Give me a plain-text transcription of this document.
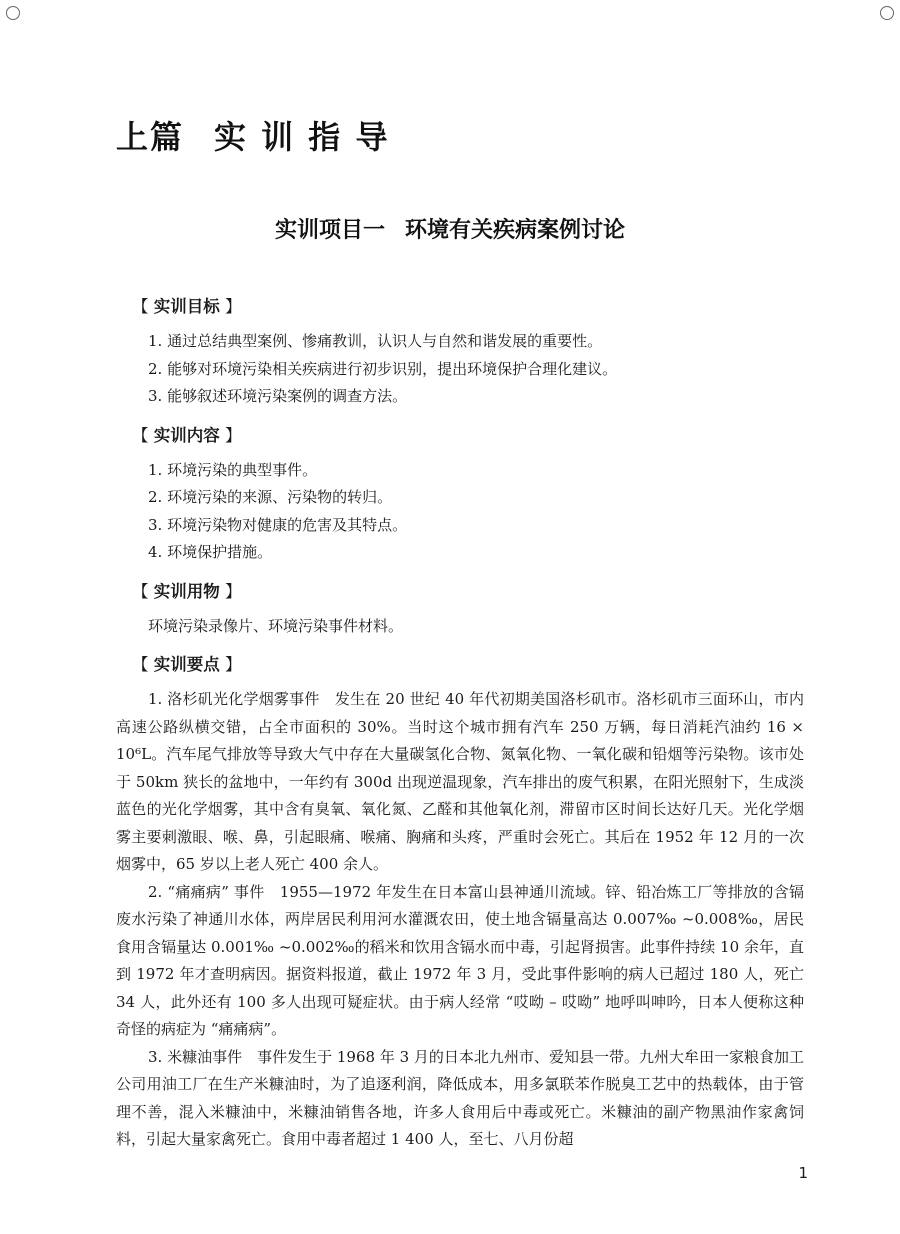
上篇 实 训 指 导
实训项目一 环境有关疾病案例讨论
【 实训目标 】
1. 通过总结典型案例、惨痛教训，认识人与自然和谐发展的重要性。
2. 能够对环境污染相关疾病进行初步识别，提出环境保护合理化建议。
3. 能够叙述环境污染案例的调查方法。
【 实训内容 】
1. 环境污染的典型事件。
2. 环境污染的来源、污染物的转归。
3. 环境污染物对健康的危害及其特点。
4. 环境保护措施。
【 实训用物 】

环境污染录像片、环境污染事件材料。

【 实训要点 】

1. 洛杉矶光化学烟雾事件　发生在 20 世纪 40 年代初期美国洛杉矶市。洛杉矶市三面环山，市内高速公路纵横交错，占全市面积的 30%。当时这个城市拥有汽车 250 万辆，每日消耗汽油约 16 × 10⁶L。汽车尾气排放等导致大气中存在大量碳氢化合物、氮氧化物、一氧化碳和铅烟等污染物。该市处于 50km 狭长的盆地中，一年约有 300d 出现逆温现象，汽车排出的废气积累，在阳光照射下，生成淡蓝色的光化学烟雾，其中含有臭氧、氧化氮、乙醛和其他氧化剂，滞留市区时间长达好几天。光化学烟雾主要刺激眼、喉、鼻，引起眼痛、喉痛、胸痛和头疼，严重时会死亡。其后在 1952 年 12 月的一次烟雾中，65 岁以上老人死亡 400 余人。

2. “痛痛病” 事件　1955—1972 年发生在日本富山县神通川流域。锌、铅冶炼工厂等排放的含镉废水污染了神通川水体，两岸居民利用河水灌溉农田，使土地含镉量高达 0.007‰ ~0.008‰，居民食用含镉量达 0.001‰ ~0.002‰的稻米和饮用含镉水而中毒，引起肾损害。此事件持续 10 余年，直到 1972 年才查明病因。据资料报道，截止 1972 年 3 月，受此事件影响的病人已超过 180 人，死亡 34 人，此外还有 100 多人出现可疑症状。由于病人经常 “哎呦 – 哎呦” 地呼叫呻吟，日本人便称这种奇怪的病症为 “痛痛病”。

3. 米糠油事件　事件发生于 1968 年 3 月的日本北九州市、爱知县一带。九州大牟田一家粮食加工公司用油工厂在生产米糠油时，为了追逐利润，降低成本，用多氯联苯作脱臭工艺中的热载体，由于管理不善，混入米糠油中，米糠油销售各地，许多人食用后中毒或死亡。米糠油的副产物黑油作家禽饲料，引起大量家禽死亡。食用中毒者超过 1 400 人，至七、八月份超

1
